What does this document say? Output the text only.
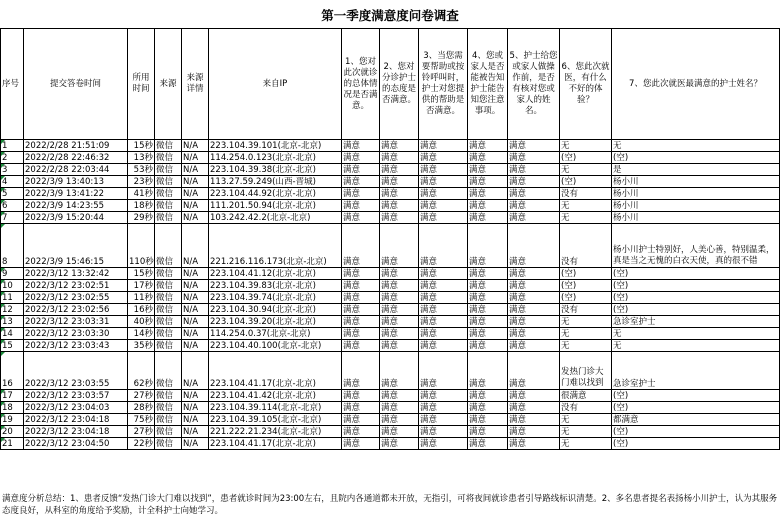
第一季度满意度问卷调查
序号	提交答卷时间	所用时间	来源	来源详情	来自IP	1、您对此次就诊的总体情况是否满意。	2、您对分诊护士的态度是否满意。	3、当您需要帮助或按铃呼叫时，护士对您提供的帮助是否满意。	4、您或家人是否能被告知护士能告知您注意事项。	5、护士给您或家人做操作前，是否有核对您或家人的姓名。	6、您此次就医，有什么不好的体验？	7、您此次就医最满意的护士姓名？
1	2022/2/28 21:51:09	15秒	微信	N/A	223.104.39.101(北京-北京)	满意	满意	满意	满意	满意	无	无
2	2022/2/28 22:46:32	13秒	微信	N/A	114.254.0.123(北京-北京)	满意	满意	满意	满意	满意	(空)	(空)
3	2022/2/28 22:03:44	53秒	微信	N/A	223.104.39.38(北京-北京)	满意	满意	满意	满意	满意	无	是
4	2022/3/9 13:40:13	23秒	微信	N/A	113.27.59.249(山西-晋城)	满意	满意	满意	满意	满意	(空)	杨小川
5	2022/3/9 13:41:22	41秒	微信	N/A	223.104.44.92(北京-北京)	满意	满意	满意	满意	满意	没有	杨小川
6	2022/3/9 14:23:55	18秒	微信	N/A	111.201.50.94(北京-北京)	满意	满意	满意	满意	满意	无	杨小川
7	2022/3/9 15:20:44	29秒	微信	N/A	103.242.42.2(北京-北京)	满意	满意	满意	满意	满意	无	杨小川
8	2022/3/9 15:46:15	110秒	微信	N/A	221.216.116.173(北京-北京)	满意	满意	满意	满意	满意	没有	杨小川护士特别好，人美心善，特别温柔，真是当之无愧的白衣天使，真的很不错
9	2022/3/12 13:32:42	15秒	微信	N/A	223.104.41.12(北京-北京)	满意	满意	满意	满意	满意	(空)	(空)
10	2022/3/12 23:02:51	17秒	微信	N/A	223.104.39.83(北京-北京)	满意	满意	满意	满意	满意	(空)	(空)
11	2022/3/12 23:02:55	11秒	微信	N/A	223.104.39.74(北京-北京)	满意	满意	满意	满意	满意	(空)	(空)
12	2022/3/12 23:02:56	16秒	微信	N/A	223.104.30.94(北京-北京)	满意	满意	满意	满意	满意	没有	(空)
13	2022/3/12 23:03:31	40秒	微信	N/A	223.104.39.20(北京-北京)	满意	满意	满意	满意	满意	无	急诊室护士
14	2022/3/12 23:03:30	14秒	微信	N/A	114.254.0.37(北京-北京)	满意	满意	满意	满意	满意	无	无
15	2022/3/12 23:03:43	35秒	微信	N/A	223.104.40.100(北京-北京)	满意	满意	满意	满意	满意	无	无
16	2022/3/12 23:03:55	62秒	微信	N/A	223.104.41.17(北京-北京)	满意	满意	满意	满意	满意	发热门诊大门难以找到	急诊室护士
17	2022/3/12 23:03:57	27秒	微信	N/A	223.104.41.42(北京-北京)	满意	满意	满意	满意	满意	很满意	(空)
18	2022/3/12 23:04:03	28秒	微信	N/A	223.104.39.114(北京-北京)	满意	满意	满意	满意	满意	没有	(空)
19	2022/3/12 23:04:18	75秒	微信	N/A	223.104.39.105(北京-北京)	满意	满意	满意	满意	满意	无	都满意
20	2022/3/12 23:04:18	27秒	微信	N/A	221.222.21.234(北京-北京)	满意	满意	满意	满意	满意	无	(空)
21	2022/3/12 23:04:50	22秒	微信	N/A	223.104.41.17(北京-北京)	满意	满意	满意	满意	满意	无	(空)
满意度分析总结：1、患者反馈“发热门诊大门难以找到”，患者就诊时间为23:00左右，且院内各通道都未开放，无指引，可将夜间就诊患者引导路线标识清楚。2、多名患者提名表扬杨小川护士，认为其服务态度良好，从科室的角度给予奖励，计全科护士向她学习。
